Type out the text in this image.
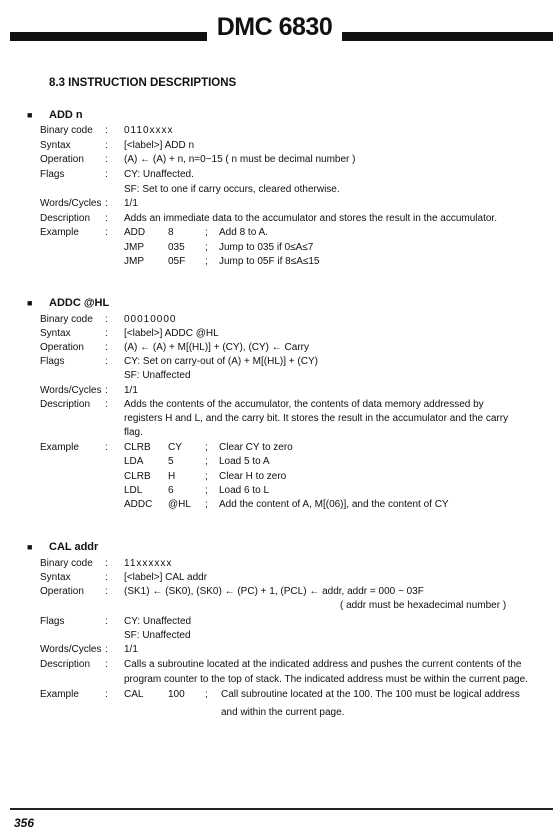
DMC 6830
8.3 INSTRUCTION DESCRIPTIONS
■ ADD n
Binary code : 0110xxxx
Syntax	: [<label>] ADD n
Operation : (A) ← (A) + n, n=0~15 ( n must be decimal number )
Flags	: CY: Unaffected.
SF: Set to one if carry occurs, cleared otherwise.
Words/Cycles : 1/1
Description : Adds an immediate data to the accumulator and stores the result in the accumulator.
Example	: ADD 8	; Add 8 to A.
JMP 035 ; Jump to 035 if 0≤A≤7
JMP 05F ; Jump to 05F if 8≤A≤15
■ ADDC @HL
Binary code : 00010000
Syntax	: [<label>] ADDC @HL
Operation : (A) ← (A) + M[(HL)] + (CY), (CY) ← Carry
Flags	: CY: Set on carry-out of (A) + M[(HL)] + (CY)
SF: Unaffected
Words/Cycles : 1/1
Description : Adds the contents of the accumulator, the contents of data memory addressed by
registers H and L, and the carry bit. It stores the result in the accumulator and the carry
flag.
Example	: CLRB CY ; Clear CY to zero
LDA 5	; Load 5 to A
CLRB H	; Clear H to zero
LDL	6	; Load 6 to L
ADDC @HL ; Add the content of A, M[(06)], and the content of CY
■ CAL addr
Binary code : 11xxxxxx
Syntax	: [<label>] CAL addr
Operation : (SK1) ← (SK0), (SK0) ← (PC) + 1, (PCL) ← addr, addr = 000 ~ 03F
( addr must be hexadecimal number )
Flags	: CY: Unaffected
SF: Unaffected
Words/Cycles : 1/1
Description : Calls a subroutine located at the indicated address and pushes the current contents of the
program counter to the top of stack. The indicated address must be within the current page.
Example	: CAL 100 ; Call subroutine located at the 100. The 100 must be logical address
and within the current page.
356
